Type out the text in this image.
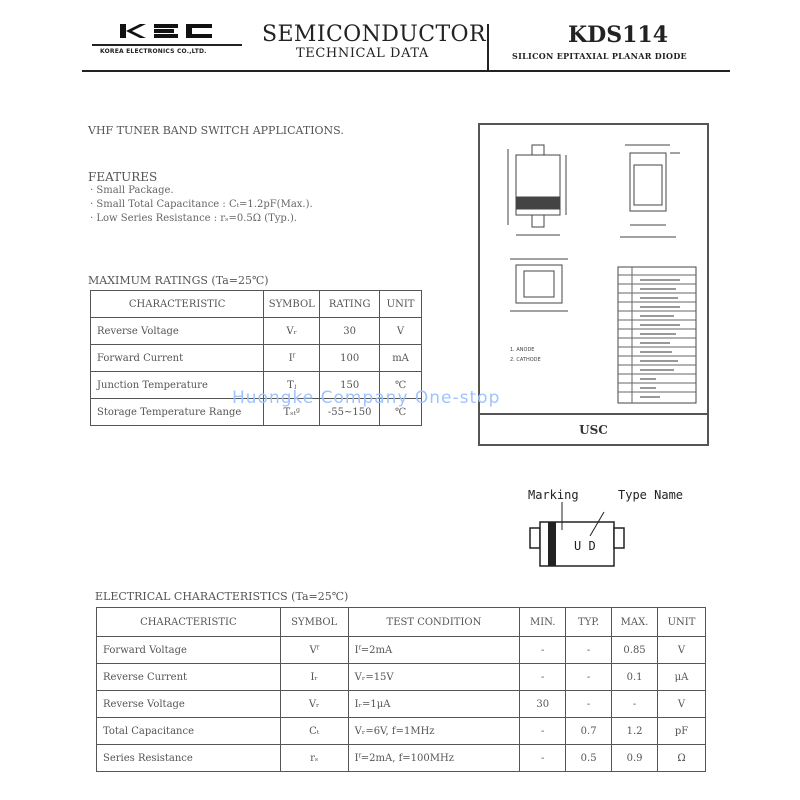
KOREA ELECTRONICS CO.,LTD.
SEMICONDUCTOR
TECHNICAL DATA
KDS114
SILICON EPITAXIAL PLANAR DIODE
VHF TUNER BAND SWITCH APPLICATIONS.
FEATURES
· Small Package.
· Small Total Capacitance : Cₜ=1.2pF(Max.).
· Low Series Resistance : rₛ=0.5Ω (Typ.).
MAXIMUM RATINGS (Ta=25℃)
CHARACTERISTIC	SYMBOL	RATING	UNIT
Reverse Voltage	Vᵣ	30	V
Forward Current	Iᶠ	100	mA
Junction Temperature	Tⱼ	150	℃
Storage Temperature Range	Tₛₜᵍ	-55~150	℃
1. ANODE
2. CATHODE
USC
Huongke Company One-stop
Marking	Type Name
U D
ELECTRICAL CHARACTERISTICS (Ta=25℃)
CHARACTERISTIC	SYMBOL	TEST CONDITION	MIN.	TYP.	MAX.	UNIT
Forward Voltage	Vᶠ	Iᶠ=2mA	-	-	0.85	V
Reverse Current	Iᵣ	Vᵣ=15V	-	-	0.1	μA
Reverse Voltage	Vᵣ	Iᵣ=1μA	30	-	-	V
Total Capacitance	Cₜ	Vᵣ=6V, f=1MHz	-	0.7	1.2	pF
Series Resistance	rₛ	Iᶠ=2mA, f=100MHz	-	0.5	0.9	Ω
